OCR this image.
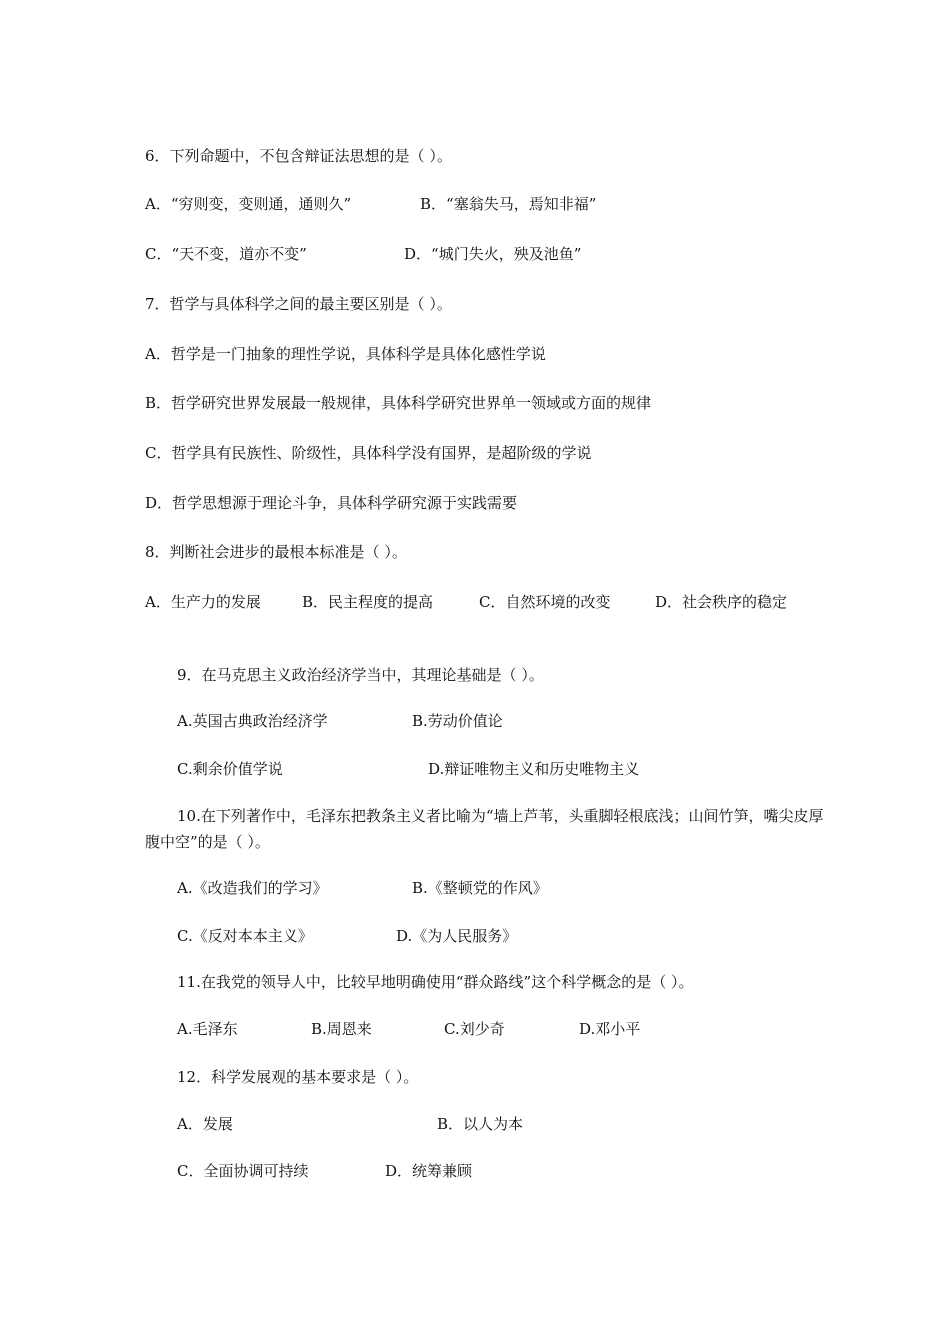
6．下列命题中，不包含辩证法思想的是（ ）。
A．“穷则变，变则通，通则久”	B．“塞翁失马，焉知非福”
C．“天不变，道亦不变”	D．“城门失火，殃及池鱼”
7．哲学与具体科学之间的最主要区别是（ ）。
A．哲学是一门抽象的理性学说，具体科学是具体化感性学说
B．哲学研究世界发展最一般规律，具体科学研究世界单一领域或方面的规律
C．哲学具有民族性、阶级性，具体科学没有国界，是超阶级的学说
D．哲学思想源于理论斗争，具体科学研究源于实践需要
8．判断社会进步的最根本标准是（ ）。
A．生产力的发展	B．民主程度的提高	C．自然环境的改变	D．社会秩序的稳定
9．在马克思主义政治经济学当中，其理论基础是（ ）。
A.英国古典政治经济学	B.劳动价值论
C.剩余价值学说	D.辩证唯物主义和历史唯物主义
10.在下列著作中，毛泽东把教条主义者比喻为“墙上芦苇，头重脚轻根底浅；山间竹笋，嘴尖皮厚腹中空”的是（ ）。
A.《改造我们的学习》	B.《整顿党的作风》
C.《反对本本主义》	D.《为人民服务》
11.在我党的领导人中，比较早地明确使用“群众路线”这个科学概念的是（ ）。
A.毛泽东	B.周恩来	C.刘少奇	D.邓小平
12．科学发展观的基本要求是（ ）。
A．发展	B．以人为本
C．全面协调可持续	D．统筹兼顾
